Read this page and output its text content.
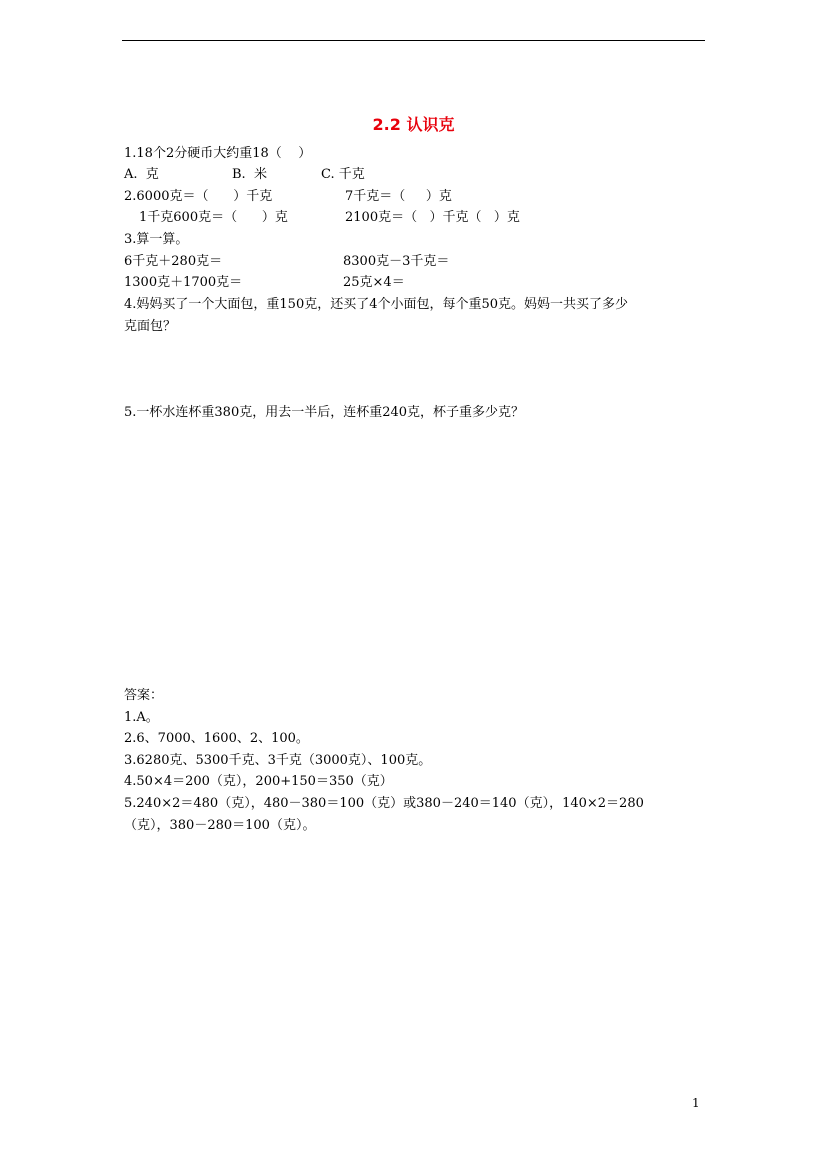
2.2 认识克
1.18个2分硬币大约重18（    ）
A.  克	B.  米	C. 千克
2.6000克＝（      ）千克	7千克＝（     ）克
1千克600克＝（      ）克	2100克＝（   ）千克（   ）克
3.算一算。
6千克＋280克＝	8300克－3千克＝
1300克＋1700克＝	25克×4＝
4.妈妈买了一个大面包，重150克，还买了4个小面包，每个重50克。妈妈一共买了多少
克面包？
5.一杯水连杯重380克，用去一半后，连杯重240克，杯子重多少克？
答案：
1.A。
2.6、7000、1600、2、100。
3.6280克、5300千克、3千克（3000克）、100克。
4.50×4＝200（克），200+150＝350（克）
5.240×2＝480（克），480－380＝100（克）或380－240＝140（克），140×2＝280
（克），380－280＝100（克）。
1
